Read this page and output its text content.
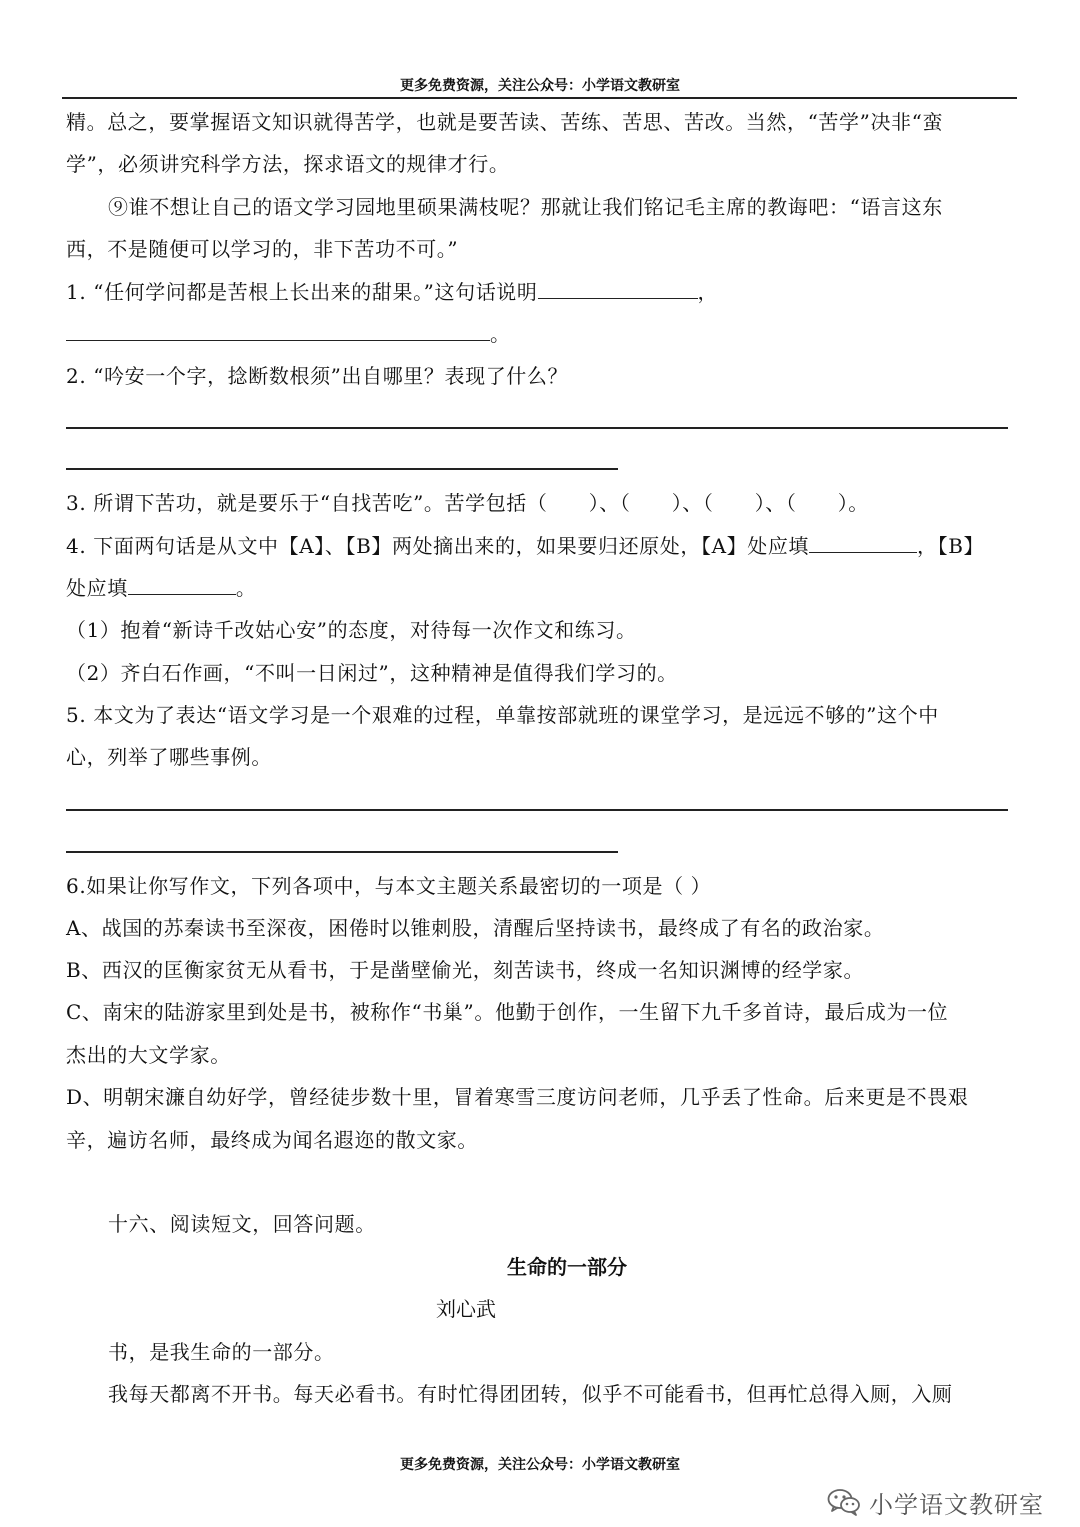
更多免费资源，关注公众号：小学语文教研室
精。总之，要掌握语文知识就得苦学，也就是要苦读、苦练、苦思、苦改。当然，“苦学”决非“蛮
学”，必须讲究科学方法，探求语文的规律才行。
⑨谁不想让自己的语文学习园地里硕果满枝呢？那就让我们铭记毛主席的教诲吧：“语言这东
西，不是随便可以学习的，非下苦功不可。”
1. “任何学问都是苦根上长出来的甜果。”这句话说明	，
。
2. “吟安一个字，捻断数根须”出自哪里？表现了什么？
3. 所谓下苦功，就是要乐于“自找苦吃”。苦学包括（　　）、（　　）、（　　）、（　　）。
4. 下面两句话是从文中【A】、【B】两处摘出来的，如果要归还原处，【A】处应填	，【B】
处应填	。
（1）抱着“新诗千改姑心安”的态度，对待每一次作文和练习。
（2）齐白石作画，“不叫一日闲过”，这种精神是值得我们学习的。
5. 本文为了表达“语文学习是一个艰难的过程，单靠按部就班的课堂学习，是远远不够的”这个中
心，列举了哪些事例。
6.如果让你写作文，下列各项中，与本文主题关系最密切的一项是（ ）
A、战国的苏秦读书至深夜，困倦时以锥刺股，清醒后坚持读书，最终成了有名的政治家。
B、西汉的匡衡家贫无从看书，于是凿壁偷光，刻苦读书，终成一名知识渊博的经学家。
C、南宋的陆游家里到处是书，被称作“书巢”。他勤于创作，一生留下九千多首诗，最后成为一位
杰出的大文学家。
D、明朝宋濂自幼好学，曾经徒步数十里，冒着寒雪三度访问老师，几乎丢了性命。后来更是不畏艰
辛，遍访名师，最终成为闻名遐迩的散文家。
十六、阅读短文，回答问题。
生命的一部分
刘心武
书，是我生命的一部分。
我每天都离不开书。每天必看书。有时忙得团团转，似乎不可能看书，但再忙总得入厕，入厕
更多免费资源，关注公众号：小学语文教研室
小学语文教研室
